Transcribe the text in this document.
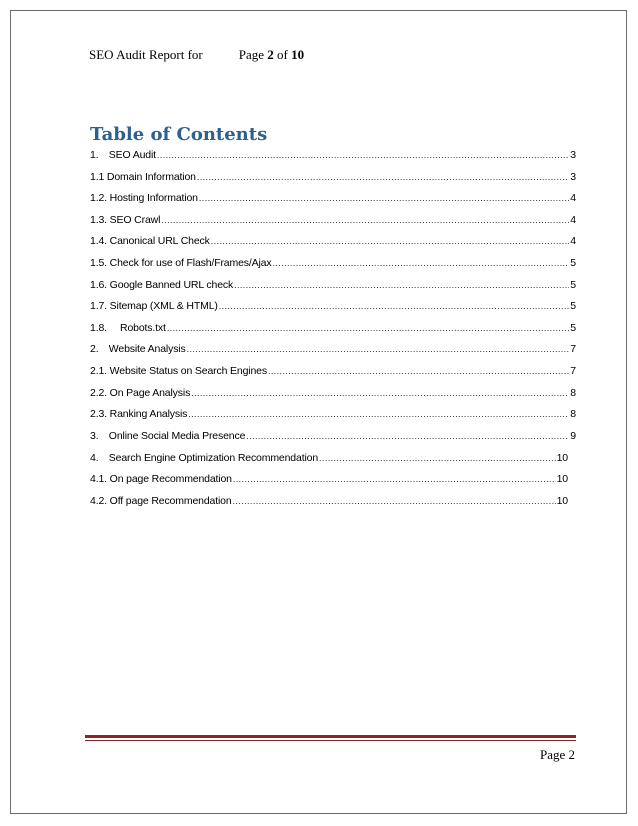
SEO Audit Report for	Page 2 of 10
Table of Contents
1. SEO Audit .....	3
1.1 Domain Information .....	3
1.2. Hosting Information .....	4
1.3. SEO Crawl .....	4
1.4. Canonical URL Check .....	4
1.5. Check for use of Flash/Frames/Ajax .....	5
1.6. Google Banned URL check .....	5
1.7. Sitemap (XML & HTML) .....	5
1.8.  Robots.txt .....	5
2. Website Analysis .....	7
2.1. Website Status on Search Engines .....	7
2.2. On Page Analysis .....	8
2.3. Ranking Analysis .....	8
3. Online Social Media Presence .....	9
4. Search Engine Optimization Recommendation .....	10
4.1. On page Recommendation .....	10
4.2. Off page Recommendation .....	10
Page 2
